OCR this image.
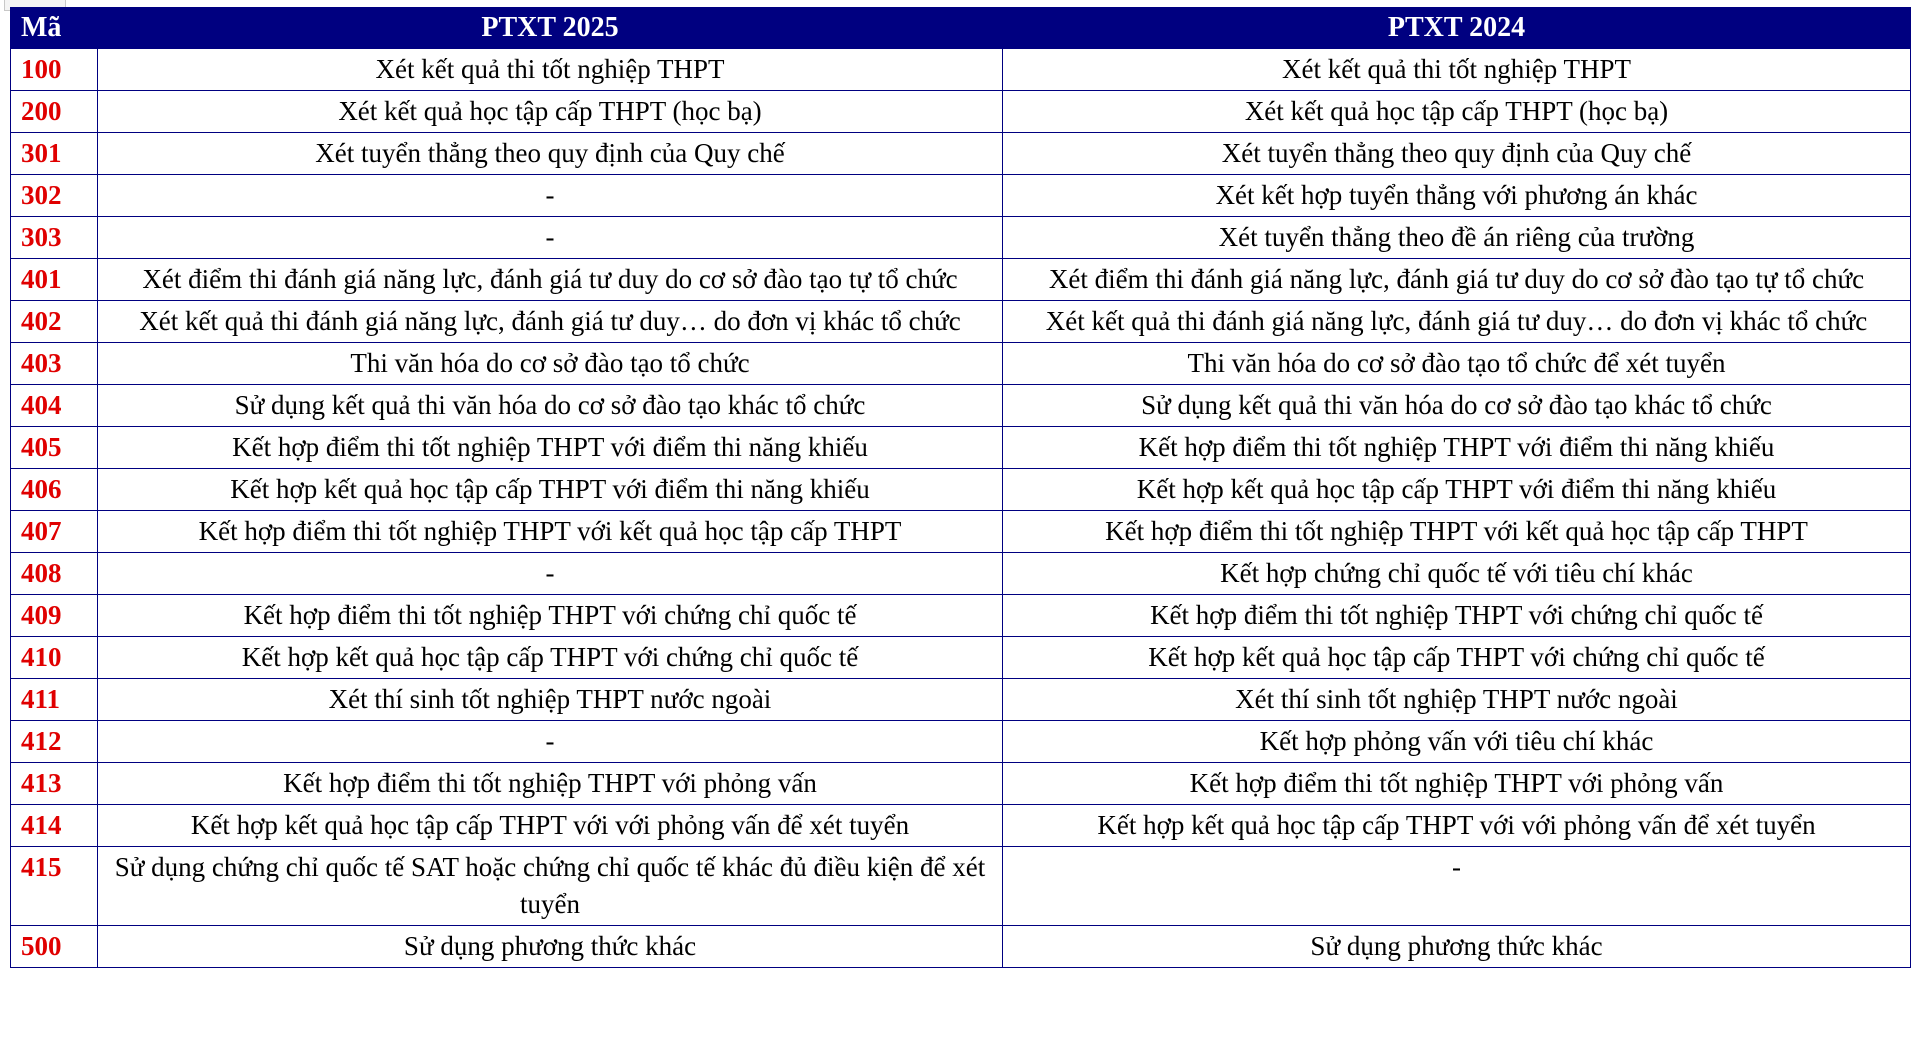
Mã	PTXT 2025	PTXT 2024
100	Xét kết quả thi tốt nghiệp THPT	Xét kết quả thi tốt nghiệp THPT
200	Xét kết quả học tập cấp THPT (học bạ)	Xét kết quả học tập cấp THPT (học bạ)
301	Xét tuyển thẳng theo quy định của Quy chế	Xét tuyển thẳng theo quy định của Quy chế
302	-	Xét kết hợp tuyển thẳng với phương án khác
303	-	Xét tuyển thẳng theo đề án riêng của trường
401	Xét điểm thi đánh giá năng lực, đánh giá tư duy do cơ sở đào tạo tự tổ chức	Xét điểm thi đánh giá năng lực, đánh giá tư duy do cơ sở đào tạo tự tổ chức
402	Xét kết quả thi đánh giá năng lực, đánh giá tư duy… do đơn vị khác tổ chức	Xét kết quả thi đánh giá năng lực, đánh giá tư duy… do đơn vị khác tổ chức
403	Thi văn hóa do cơ sở đào tạo tổ chức	Thi văn hóa do cơ sở đào tạo tổ chức để xét tuyển
404	Sử dụng kết quả thi văn hóa do cơ sở đào tạo khác tổ chức	Sử dụng kết quả thi văn hóa do cơ sở đào tạo khác tổ chức
405	Kết hợp điểm thi tốt nghiệp THPT với điểm thi năng khiếu	Kết hợp điểm thi tốt nghiệp THPT với điểm thi năng khiếu
406	Kết hợp kết quả học tập cấp THPT với điểm thi năng khiếu	Kết hợp kết quả học tập cấp THPT với điểm thi năng khiếu
407	Kết hợp điểm thi tốt nghiệp THPT với kết quả học tập cấp THPT	Kết hợp điểm thi tốt nghiệp THPT với kết quả học tập cấp THPT
408	-	Kết hợp chứng chỉ quốc tế với tiêu chí khác
409	Kết hợp điểm thi tốt nghiệp THPT với chứng chỉ quốc tế	Kết hợp điểm thi tốt nghiệp THPT với chứng chỉ quốc tế
410	Kết hợp kết quả học tập cấp THPT với chứng chỉ quốc tế	Kết hợp kết quả học tập cấp THPT với chứng chỉ quốc tế
411	Xét thí sinh tốt nghiệp THPT nước ngoài	Xét thí sinh tốt nghiệp THPT nước ngoài
412	-	Kết hợp phỏng vấn với tiêu chí khác
413	Kết hợp điểm thi tốt nghiệp THPT với phỏng vấn	Kết hợp điểm thi tốt nghiệp THPT với phỏng vấn
414	Kết hợp kết quả học tập cấp THPT với với phỏng vấn để xét tuyển	Kết hợp kết quả học tập cấp THPT với với phỏng vấn để xét tuyển
415	Sử dụng chứng chỉ quốc tế SAT hoặc chứng chỉ quốc tế khác đủ điều kiện để xét tuyển	-
500	Sử dụng phương thức khác	Sử dụng phương thức khác
